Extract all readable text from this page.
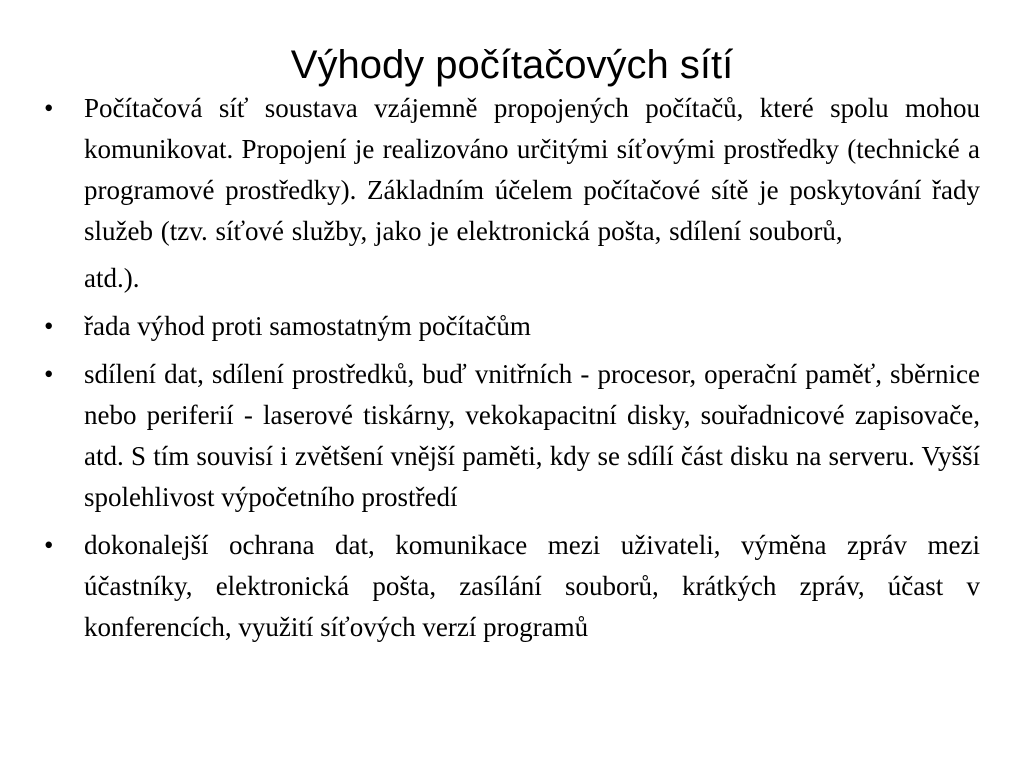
Výhody počítačových sítí
•	Počítačová síť soustava vzájemně propojených počítačů, které spolu mohou komunikovat. Propojení je realizováno určitými síťovými prostředky (technické a programové prostředky). Základním účelem počítačové sítě je poskytování řady služeb (tzv. síťové služby, jako je elektronická pošta, sdílení souborů,
atd.).
•	řada výhod proti samostatným počítačům
•	sdílení dat, sdílení prostředků, buď vnitřních - procesor, operační paměť, sběrnice nebo periferií - laserové tiskárny, vekokapacitní disky, souřadnicové zapisovače, atd. S tím souvisí i zvětšení vnější paměti, kdy se sdílí část disku na serveru. Vyšší spolehlivost výpočetního prostředí
•	dokonalejší ochrana dat, komunikace mezi uživateli, výměna zpráv mezi účastníky, elektronická pošta, zasílání souborů, krátkých zpráv, účast v konferencích, využití síťových verzí programů
